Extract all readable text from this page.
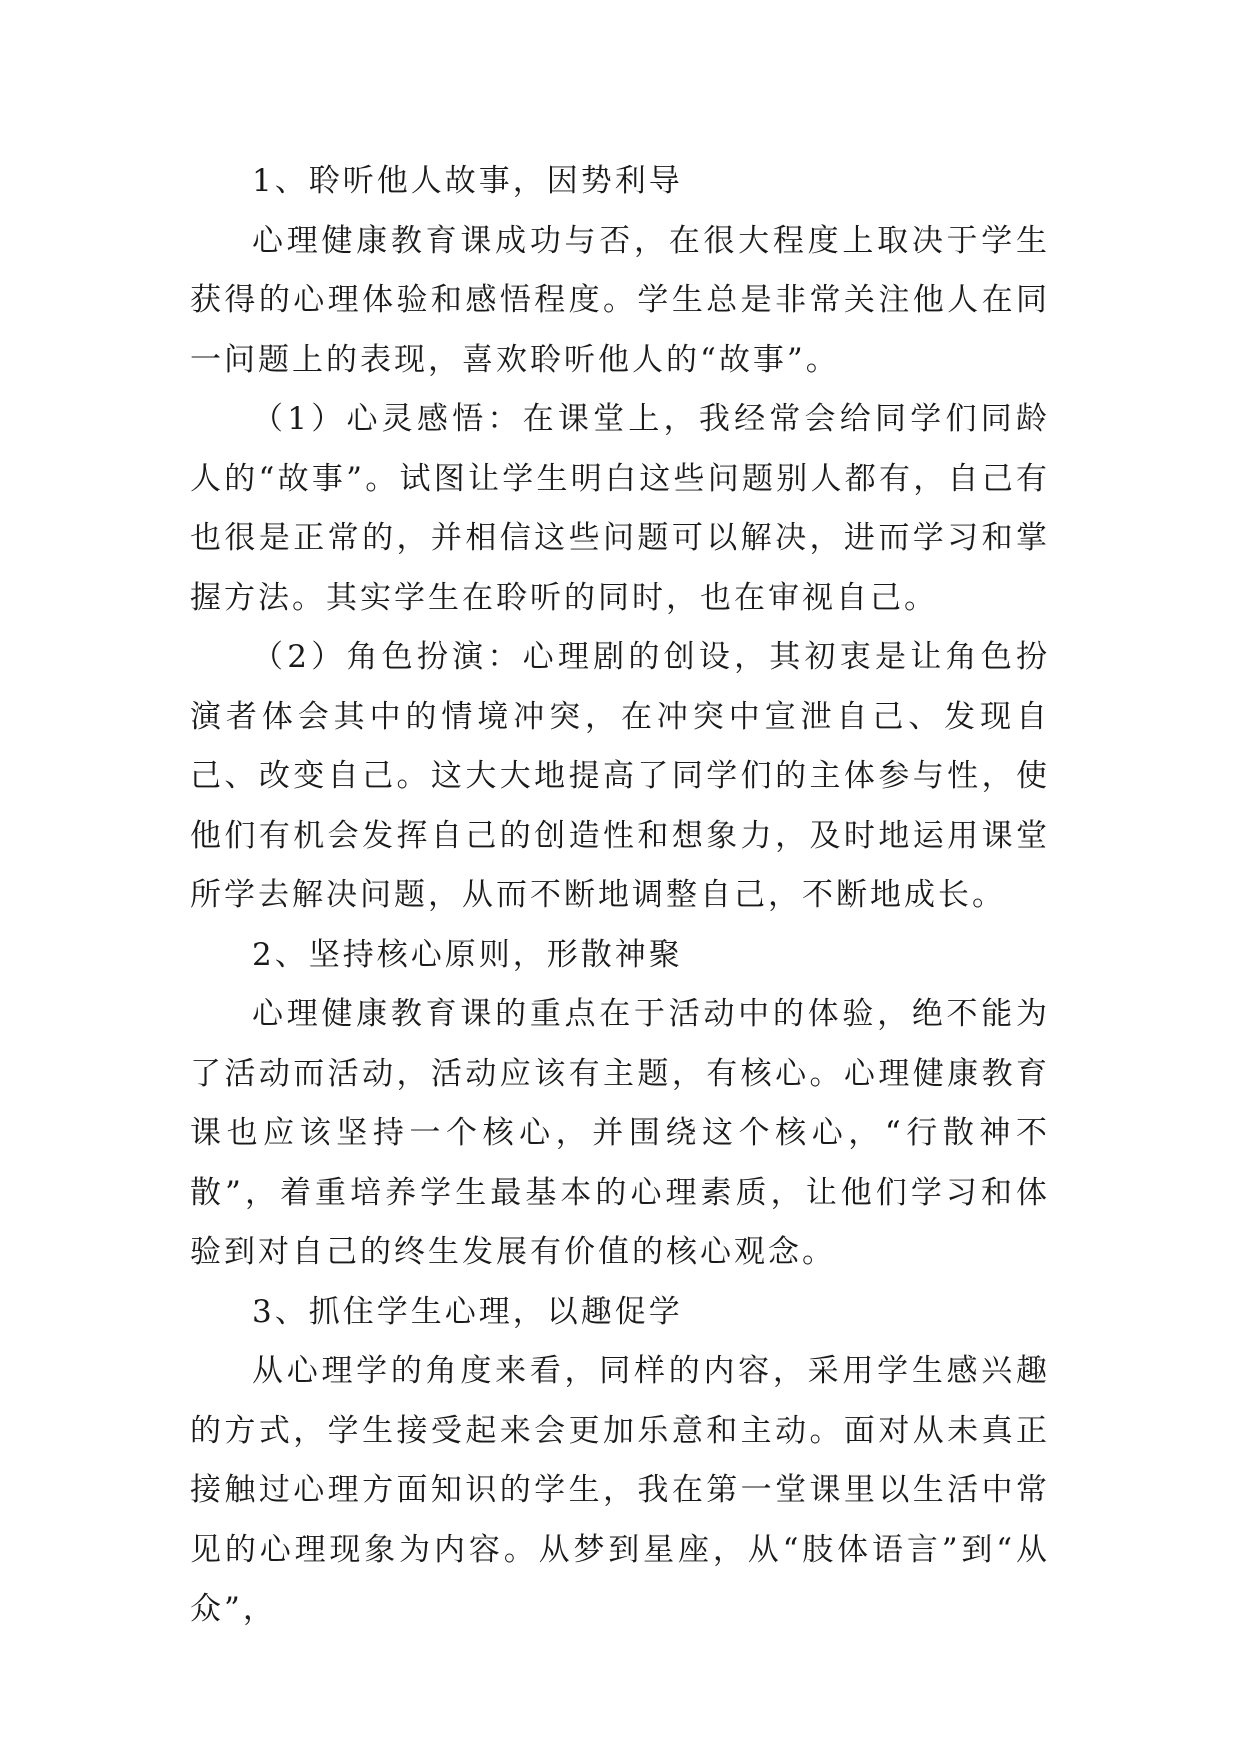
1、聆听他人故事，因势利导

心理健康教育课成功与否，在很大程度上取决于学生获得的心理体验和感悟程度。学生总是非常关注他人在同一问题上的表现，喜欢聆听他人的“故事”。

（1）心灵感悟：在课堂上，我经常会给同学们同龄人的“故事”。试图让学生明白这些问题别人都有，自己有也很是正常的，并相信这些问题可以解决，进而学习和掌握方法。其实学生在聆听的同时，也在审视自己。

（2）角色扮演：心理剧的创设，其初衷是让角色扮演者体会其中的情境冲突，在冲突中宣泄自己、发现自己、改变自己。这大大地提高了同学们的主体参与性，使他们有机会发挥自己的创造性和想象力，及时地运用课堂所学去解决问题，从而不断地调整自己，不断地成长。

2、坚持核心原则，形散神聚

心理健康教育课的重点在于活动中的体验，绝不能为了活动而活动，活动应该有主题，有核心。心理健康教育课也应该坚持一个核心，并围绕这个核心，“行散神不散”，着重培养学生最基本的心理素质，让他们学习和体验到对自己的终生发展有价值的核心观念。

3、抓住学生心理，以趣促学

从心理学的角度来看，同样的内容，采用学生感兴趣的方式，学生接受起来会更加乐意和主动。面对从未真正接触过心理方面知识的学生，我在第一堂课里以生活中常见的心理现象为内容。从梦到星座，从“肢体语言”到“从众”，
